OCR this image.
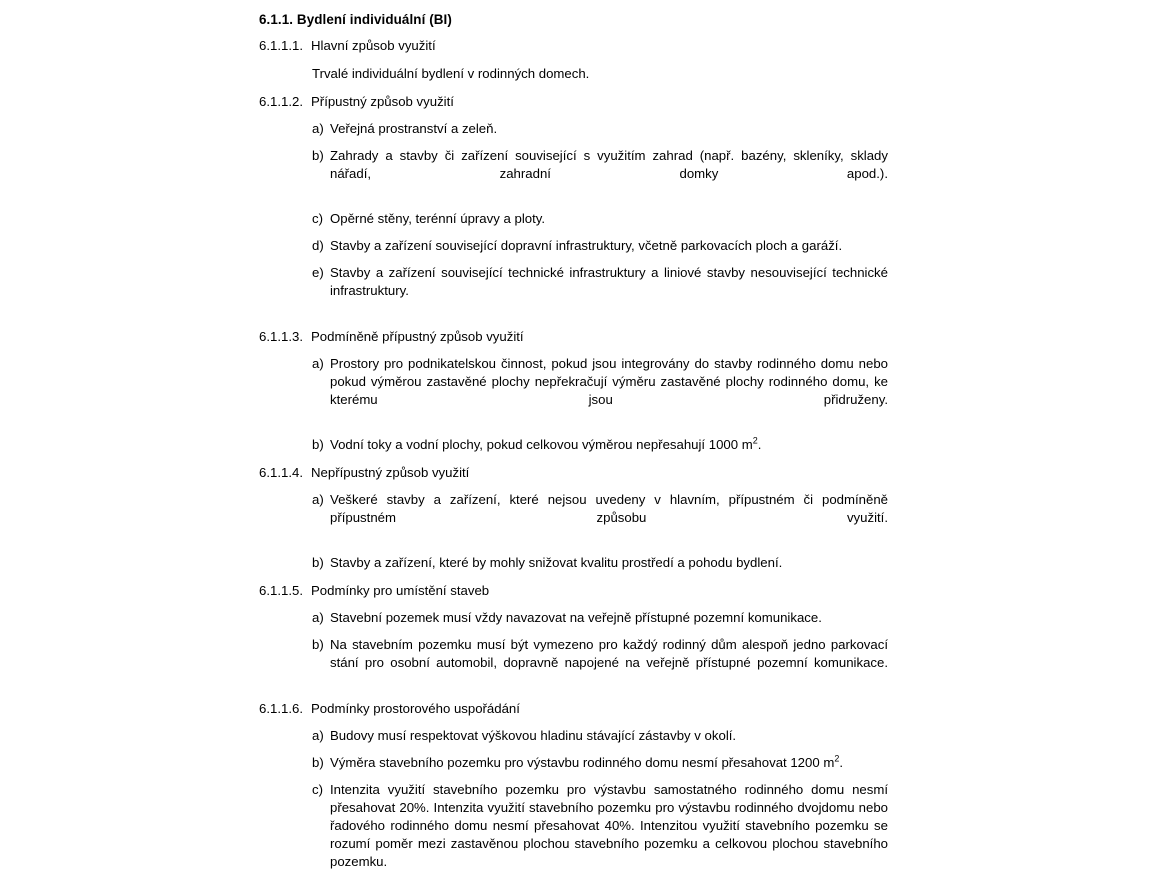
6.1.1. Bydlení individuální (BI)
6.1.1.1. Hlavní způsob využití
Trvalé individuální bydlení v rodinných domech.
6.1.1.2. Přípustný způsob využití
a) Veřejná prostranství a zeleň.
b) Zahrady a stavby či zařízení související s využitím zahrad (např. bazény, skleníky, sklady nářadí, zahradní domky apod.).
c) Opěrné stěny, terénní úpravy a ploty.
d) Stavby a zařízení související dopravní infrastruktury, včetně parkovacích ploch a garáží.
e) Stavby a zařízení související technické infrastruktury a liniové stavby nesouvisející technické infrastruktury.
6.1.1.3. Podmíněně přípustný způsob využití
a) Prostory pro podnikatelskou činnost, pokud jsou integrovány do stavby rodinného domu nebo pokud výměrou zastavěné plochy nepřekračují výměru zastavěné plochy rodinného domu, ke kterému jsou přidruženy.
b) Vodní toky a vodní plochy, pokud celkovou výměrou nepřesahují 1000 $m^2$.
6.1.1.4. Nepřípustný způsob využití
a) Veškeré stavby a zařízení, které nejsou uvedeny v hlavním, přípustném či podmíněně přípustném způsobu využití.
b) Stavby a zařízení, které by mohly snižovat kvalitu prostředí a pohodu bydlení.
6.1.1.5. Podmínky pro umístění staveb
a) Stavební pozemek musí vždy navazovat na veřejně přístupné pozemní komunikace.
b) Na stavebním pozemku musí být vymezeno pro každý rodinný dům alespoň jedno parkovací stání pro osobní automobil, dopravně napojené na veřejně přístupné pozemní komunikace.
6.1.1.6. Podmínky prostorového uspořádání
a) Budovy musí respektovat výškovou hladinu stávající zástavby v okolí.
b) Výměra stavebního pozemku pro výstavbu rodinného domu nesmí přesahovat 1200 $m^2$.
c) Intenzita využití stavebního pozemku pro výstavbu samostatného rodinného domu nesmí přesahovat 20%. Intenzita využití stavebního pozemku pro výstavbu rodinného dvojdomu nebo řadového rodinného domu nesmí přesahovat 40%. Intenzitou využití stavebního pozemku se rozumí poměr mezi zastavěnou plochou stavebního pozemku a celkovou plochou stavebního pozemku.
